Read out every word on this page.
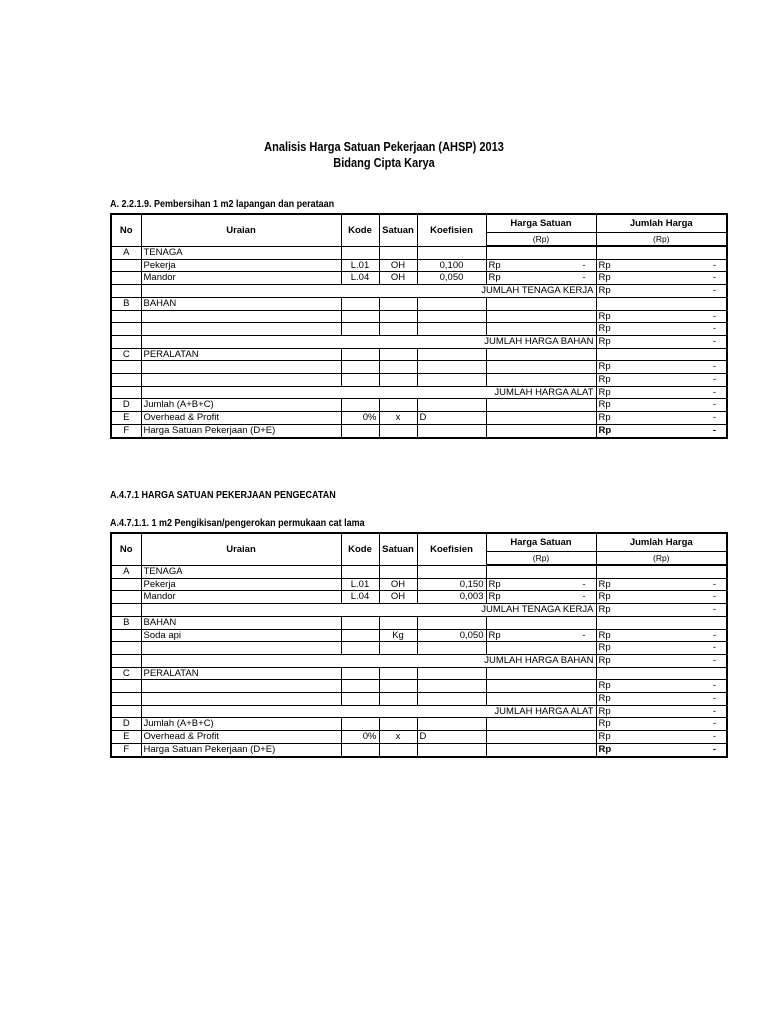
Analisis Harga Satuan Pekerjaan (AHSP) 2013
Bidang Cipta Karya
A. 2.2.1.9. Pembersihan 1 m2 lapangan dan perataan
No	Uraian	Kode	Satuan	Koefisien	Harga Satuan	Jumlah Harga
					(Rp)	(Rp)
A	TENAGA					
	Pekerja	L.01	OH	0,100	Rp -	Rp -

	Mandor	L.04	OH	0,050	Rp -	Rp -

	JUMLAH TENAGA KERJA					Rp -

B	BAHAN					

						Rp -

						Rp -

	JUMLAH HARGA BAHAN					Rp -

C	PERALATAN					

						Rp -

						Rp -

	JUMLAH HARGA ALAT					Rp -

D	Jumlah (A+B+C)					Rp -

E	Overhead & Profit	0%	x	D		Rp -

F	Harga Satuan Pekerjaan (D+E)					Rp -
A.4.7.1 HARGA SATUAN PEKERJAAN PENGECATAN
A.4.7.1.1. 1 m2 Pengikisan/pengerokan permukaan cat lama
No	Uraian	Kode	Satuan	Koefisien	Harga Satuan	Jumlah Harga
					(Rp)	(Rp)
A	TENAGA					
	Pekerja	L.01	OH	0,150	Rp -	Rp -

	Mandor	L.04	OH	0,003	Rp -	Rp -

	JUMLAH TENAGA KERJA					Rp -

B	BAHAN					
	Soda api		Kg	0,050	Rp -	Rp -

						Rp -

	JUMLAH HARGA BAHAN					Rp -

C	PERALATAN					

						Rp -

						Rp -

	JUMLAH HARGA ALAT					Rp -

D	Jumlah (A+B+C)					Rp -

E	Overhead & Profit	0%	x	D		Rp -

F	Harga Satuan Pekerjaan (D+E)					Rp -
